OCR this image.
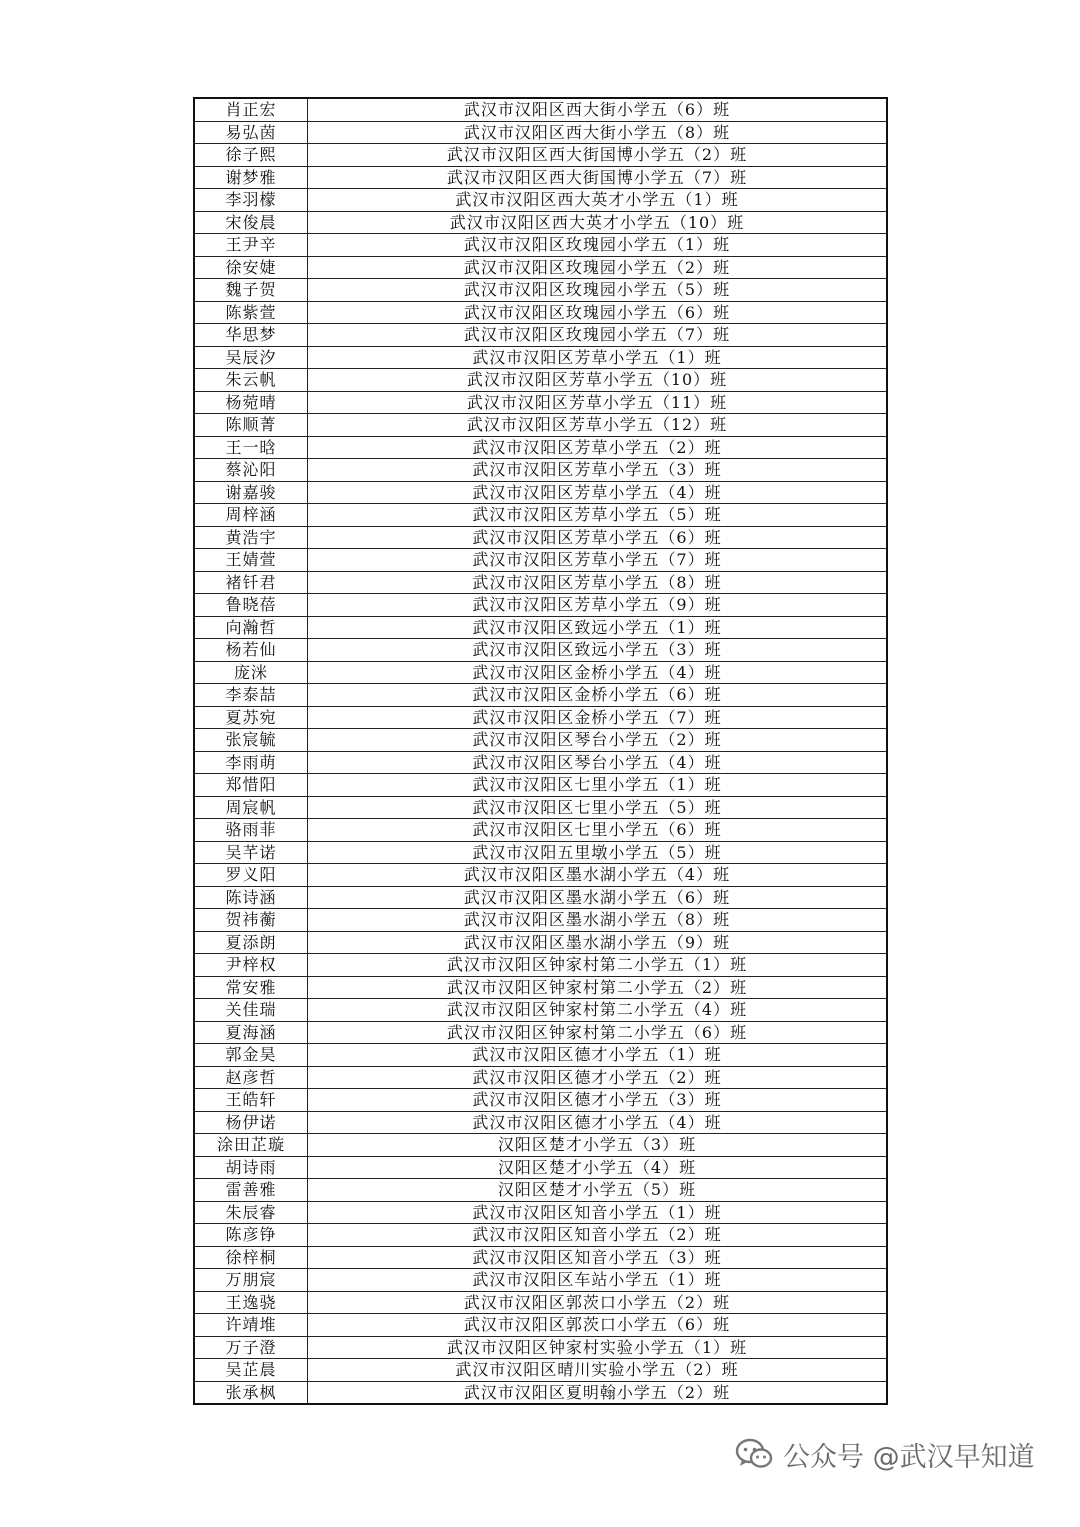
肖正宏	武汉市汉阳区西大街小学五（6）班
易弘茵	武汉市汉阳区西大街小学五（8）班
徐子熙	武汉市汉阳区西大街国博小学五（2）班
谢梦雅	武汉市汉阳区西大街国博小学五（7）班
李羽檬	武汉市汉阳区西大英才小学五（1）班
宋俊晨	武汉市汉阳区西大英才小学五（10）班
王尹辛	武汉市汉阳区玫瑰园小学五（1）班
徐安婕	武汉市汉阳区玫瑰园小学五（2）班
魏子贺	武汉市汉阳区玫瑰园小学五（5）班
陈紫萱	武汉市汉阳区玫瑰园小学五（6）班
华思梦	武汉市汉阳区玫瑰园小学五（7）班
吴辰汐	武汉市汉阳区芳草小学五（1）班
朱云帆	武汉市汉阳区芳草小学五（10）班
杨菀晴	武汉市汉阳区芳草小学五（11）班
陈顺菁	武汉市汉阳区芳草小学五（12）班
王一晗	武汉市汉阳区芳草小学五（2）班
蔡沁阳	武汉市汉阳区芳草小学五（3）班
谢嘉骏	武汉市汉阳区芳草小学五（4）班
周梓涵	武汉市汉阳区芳草小学五（5）班
黄浩宇	武汉市汉阳区芳草小学五（6）班
王婧萱	武汉市汉阳区芳草小学五（7）班
褚钎君	武汉市汉阳区芳草小学五（8）班
鲁晓蓓	武汉市汉阳区芳草小学五（9）班
向瀚哲	武汉市汉阳区致远小学五（1）班
杨若仙	武汉市汉阳区致远小学五（3）班
庞洣	武汉市汉阳区金桥小学五（4）班
李泰喆	武汉市汉阳区金桥小学五（6）班
夏苏宛	武汉市汉阳区金桥小学五（7）班
张宸毓	武汉市汉阳区琴台小学五（2）班
李雨萌	武汉市汉阳区琴台小学五（4）班
郑惜阳	武汉市汉阳区七里小学五（1）班
周宸帆	武汉市汉阳区七里小学五（5）班
骆雨菲	武汉市汉阳区七里小学五（6）班
吴芊诺	武汉市汉阳五里墩小学五（5）班
罗义阳	武汉市汉阳区墨水湖小学五（4）班
陈诗涵	武汉市汉阳区墨水湖小学五（6）班
贺祎蘅	武汉市汉阳区墨水湖小学五（8）班
夏添朗	武汉市汉阳区墨水湖小学五（9）班
尹梓权	武汉市汉阳区钟家村第二小学五（1）班
常安雅	武汉市汉阳区钟家村第二小学五（2）班
关佳瑞	武汉市汉阳区钟家村第二小学五（4）班
夏海涵	武汉市汉阳区钟家村第二小学五（6）班
郭金昊	武汉市汉阳区德才小学五（1）班
赵彦哲	武汉市汉阳区德才小学五（2）班
王皓轩	武汉市汉阳区德才小学五（3）班
杨伊诺	武汉市汉阳区德才小学五（4）班
涂田芷璇	汉阳区楚才小学五（3）班
胡诗雨	汉阳区楚才小学五（4）班
雷善雅	汉阳区楚才小学五（5）班
朱辰睿	武汉市汉阳区知音小学五（1）班
陈彦铮	武汉市汉阳区知音小学五（2）班
徐梓桐	武汉市汉阳区知音小学五（3）班
万朋宸	武汉市汉阳区车站小学五（1）班
王逸骁	武汉市汉阳区郭茨口小学五（2）班
许靖堆	武汉市汉阳区郭茨口小学五（6）班
万子澄	武汉市汉阳区钟家村实验小学五（1）班
吴芷晨	武汉市汉阳区晴川实验小学五（2）班
张承枫	武汉市汉阳区夏明翰小学五（2）班
公众号 @武汉早知道
